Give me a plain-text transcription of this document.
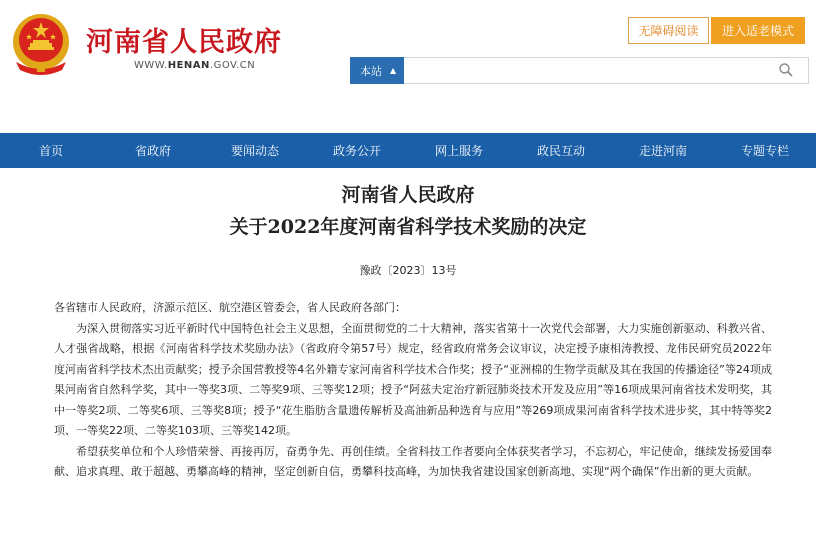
河南省人民政府
WWW.HENAN.GOV.CN
无障碍阅读	进入适老模式
本站 ▲︎
首页	省政府	要闻动态	政务公开	网上服务	政民互动	走进河南	专题专栏
河南省人民政府
关于2022年度河南省科学技术奖励的决定
豫政〔2023〕13号

各省辖市人民政府，济源示范区、航空港区管委会，省人民政府各部门：

为深入贯彻落实习近平新时代中国特色社会主义思想，全面贯彻党的二十大精神，落实省第十一次党代会部署，大力实施创新驱动、科教兴省、人才强省战略，根据《河南省科学技术奖励办法》（省政府令第57号）规定，经省政府常务会议审议，决定授予康相涛教授、龙伟民研究员2022年度河南省科学技术杰出贡献奖；授予余国营教授等4名外籍专家河南省科学技术合作奖；授予“亚洲棉的生物学贡献及其在我国的传播途径”等24项成果河南省自然科学奖，其中一等奖3项、二等奖9项、三等奖12项；授予“阿兹夫定治疗新冠肺炎技术开发及应用”等16项成果河南省技术发明奖，其中一等奖2项、二等奖6项、三等奖8项；授予“花生脂肪含量遗传解析及高油新品种选育与应用”等269项成果河南省科学技术进步奖，其中特等奖2项、一等奖22项、二等奖103项、三等奖142项。

希望获奖单位和个人珍惜荣誉、再接再厉，奋勇争先、再创佳绩。全省科技工作者要向全体获奖者学习，不忘初心，牢记使命，继续发扬爱国奉献、追求真理、敢于超越、勇攀高峰的精神，坚定创新自信，勇攀科技高峰，为加快我省建设国家创新高地、实现“两个确保”作出新的更大贡献。
